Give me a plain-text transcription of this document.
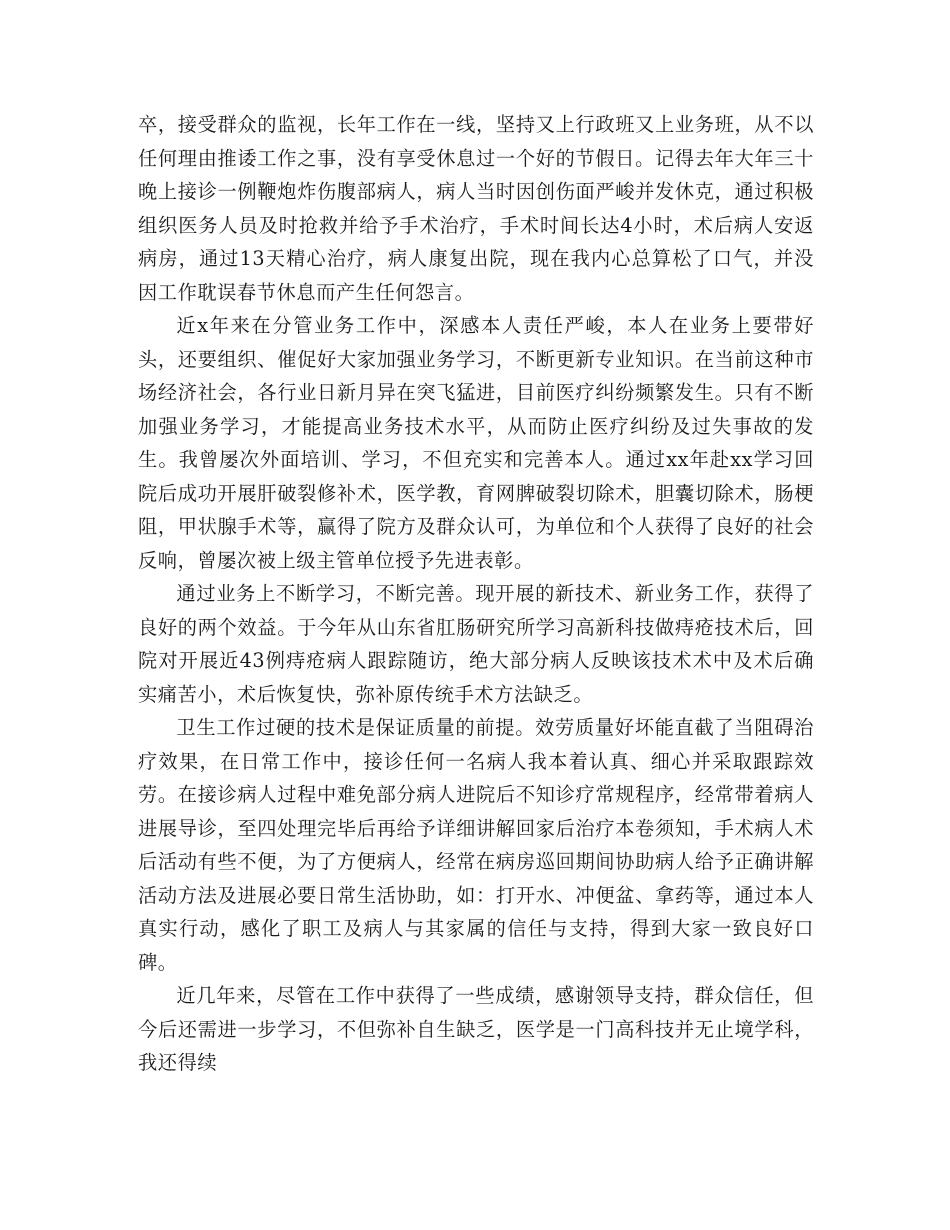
卒，接受群众的监视，长年工作在一线，坚持又上行政班又上业务班，从不以任何理由推诿工作之事，没有享受休息过一个好的节假日。记得去年大年三十晚上接诊一例鞭炮炸伤腹部病人，病人当时因创伤面严峻并发休克，通过积极组织医务人员及时抢救并给予手术治疗，手术时间长达4小时，术后病人安返病房，通过13天精心治疗，病人康复出院，现在我内心总算松了口气，并没因工作耽误春节休息而产生任何怨言。

近x年来在分管业务工作中，深感本人责任严峻，本人在业务上要带好头，还要组织、催促好大家加强业务学习，不断更新专业知识。在当前这种市场经济社会，各行业日新月异在突飞猛进，目前医疗纠纷频繁发生。只有不断加强业务学习，才能提高业务技术水平，从而防止医疗纠纷及过失事故的发生。我曾屡次外面培训、学习，不但充实和完善本人。通过xx年赴xx学习回院后成功开展肝破裂修补术，医学教，育网脾破裂切除术，胆囊切除术，肠梗阻，甲状腺手术等，赢得了院方及群众认可，为单位和个人获得了良好的社会反响，曾屡次被上级主管单位授予先进表彰。

通过业务上不断学习，不断完善。现开展的新技术、新业务工作，获得了良好的两个效益。于今年从山东省肛肠研究所学习高新科技做痔疮技术后，回院对开展近43例痔疮病人跟踪随访，绝大部分病人反映该技术术中及术后确实痛苦小，术后恢复快，弥补原传统手术方法缺乏。

卫生工作过硬的技术是保证质量的前提。效劳质量好坏能直截了当阻碍治疗效果，在日常工作中，接诊任何一名病人我本着认真、细心并采取跟踪效劳。在接诊病人过程中难免部分病人进院后不知诊疗常规程序，经常带着病人进展导诊，至四处理完毕后再给予详细讲解回家后治疗本卷须知，手术病人术后活动有些不便，为了方便病人，经常在病房巡回期间协助病人给予正确讲解活动方法及进展必要日常生活协助，如：打开水、冲便盆、拿药等，通过本人真实行动，感化了职工及病人与其家属的信任与支持，得到大家一致良好口碑。

近几年来，尽管在工作中获得了一些成绩，感谢领导支持，群众信任，但今后还需进一步学习，不但弥补自生缺乏，医学是一门高科技并无止境学科，我还得续
